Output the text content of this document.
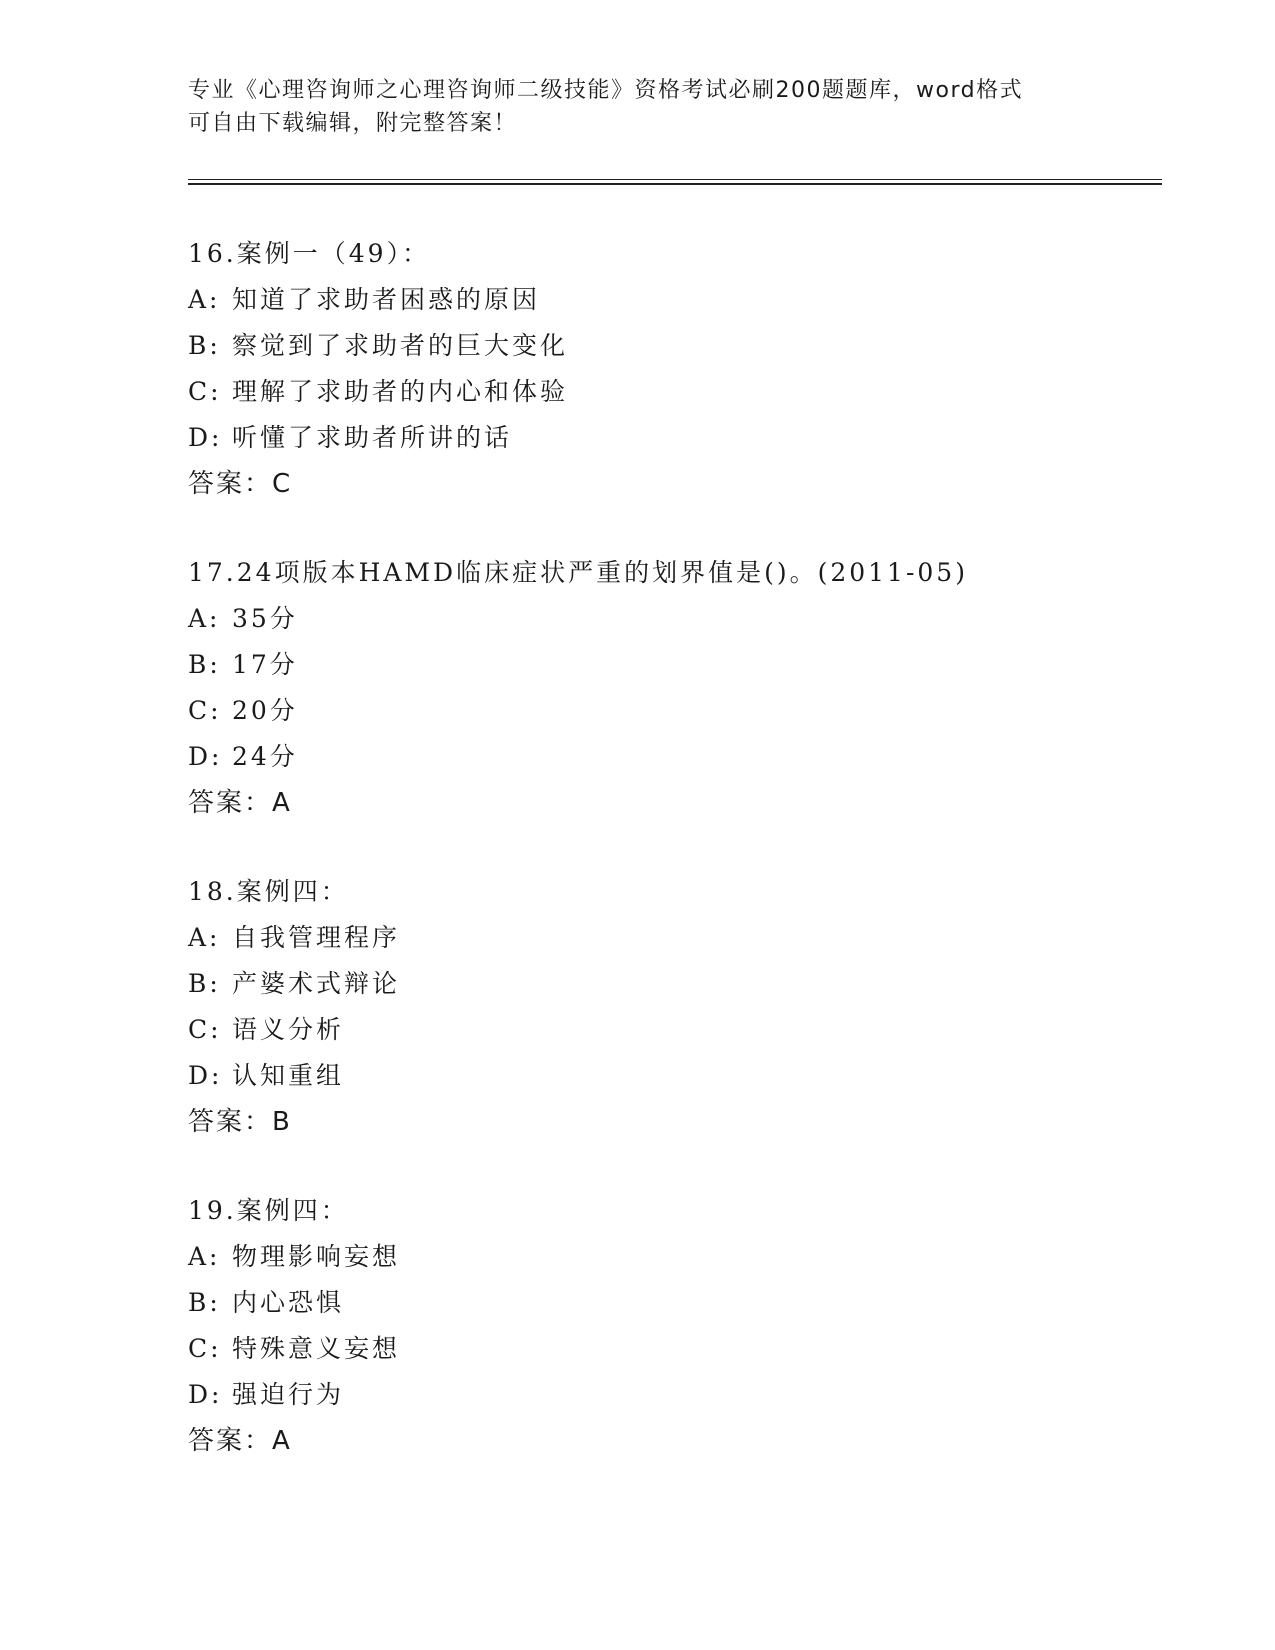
专业《心理咨询师之心理咨询师二级技能》资格考试必刷200题题库，word格式
可自由下载编辑，附完整答案！
16.案例一（49）：
A: 知道了求助者困惑的原因
B: 察觉到了求助者的巨大变化
C: 理解了求助者的内心和体验
D: 听懂了求助者所讲的话
答案：C
17.24项版本HAMD临床症状严重的划界值是()。(2011-05)
A: 35分
B: 17分
C: 20分
D: 24分
答案：A
18.案例四：
A: 自我管理程序
B: 产婆术式辩论
C: 语义分析
D: 认知重组
答案：B
19.案例四：
A: 物理影响妄想
B: 内心恐惧
C: 特殊意义妄想
D: 强迫行为
答案：A
